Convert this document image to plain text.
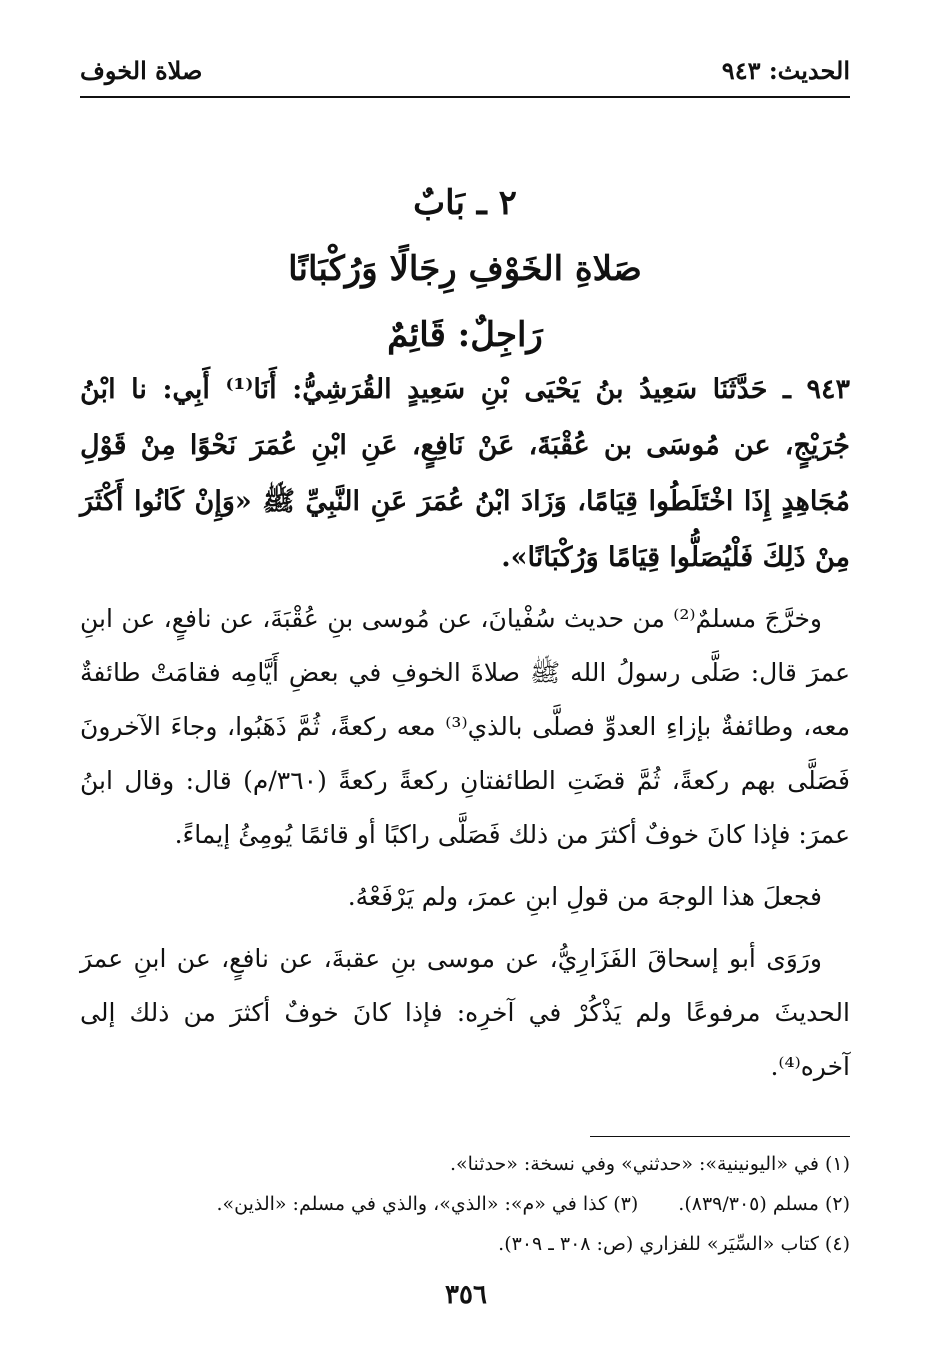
الحديث: ٩٤٣
صلاة الخوف
٢ ـ بَابٌ
صَلاةِ الخَوْفِ رِجَالًا وَرُكْبَانًا
رَاجِلٌ: قَائِمٌ

٩٤٣ ـ حَدَّثَنَا سَعِيدُ بنُ يَحْيَى بْنِ سَعِيدٍ القُرَشِيُّ: أَنَا⁽¹⁾ أَبِي: نا ابْنُ جُرَيْجٍ، عن مُوسَى بن عُقْبَةَ، عَنْ نَافِعٍ، عَنِ ابْنِ عُمَرَ نَحْوًا مِنْ قَوْلِ مُجَاهِدٍ إِذَا اخْتَلَطُوا قِيَامًا، وَزَادَ ابْنُ عُمَرَ عَنِ النَّبِيِّ ﷺ «وَإِنْ كَانُوا أَكْثَرَ مِنْ ذَلِكَ فَلْيُصَلُّوا قِيَامًا وَرُكْبَانًا».

وخرَّجَ مسلمٌ⁽²⁾ من حديث سُفْيانَ، عن مُوسى بنِ عُقْبَةَ، عن نافعٍ، عن ابنِ عمرَ قال: صَلَّى رسولُ الله ﷺ صلاةَ الخوفِ في بعضِ أَيَّامِه فقامَتْ طائفةٌ معه، وطائفةٌ بإزاءِ العدوِّ فصلَّى بالذي⁽³⁾ معه ركعةً، ثُمَّ ذَهَبُوا، وجاءَ الآخرونَ فَصَلَّى بهم ركعةً، ثُمَّ قضَتِ الطائفتانِ ركعةً ركعةً (٣٦٠/م) قال: وقال ابنُ عمرَ: فإذا كانَ خوفٌ أكثرَ من ذلك فَصَلَّى راكبًا أو قائمًا يُومِئُ إيماءً.

فجعلَ هذا الوجهَ من قولِ ابنِ عمرَ، ولم يَرْفَعْهُ.

ورَوَى أبو إسحاقَ الفَزَارِيُّ، عن موسى بنِ عقبةَ، عن نافعٍ، عن ابنِ عمرَ الحديثَ مرفوعًا ولم يَذْكُرْ في آخرِه: فإذا كانَ خوفٌ أكثرَ من ذلك إلى آخره⁽⁴⁾.

(١) في «اليونينية»: «حدثني» وفي نسخة: «حدثنا».
(٢) مسلم (٨٣٩/٣٠٥).(٣) كذا في «م»: «الذي»، والذي في مسلم: «الذين».
(٤) كتاب «السِّيَر» للفزاري (ص: ٣٠٨ ـ ٣٠٩).
٣٥٦
